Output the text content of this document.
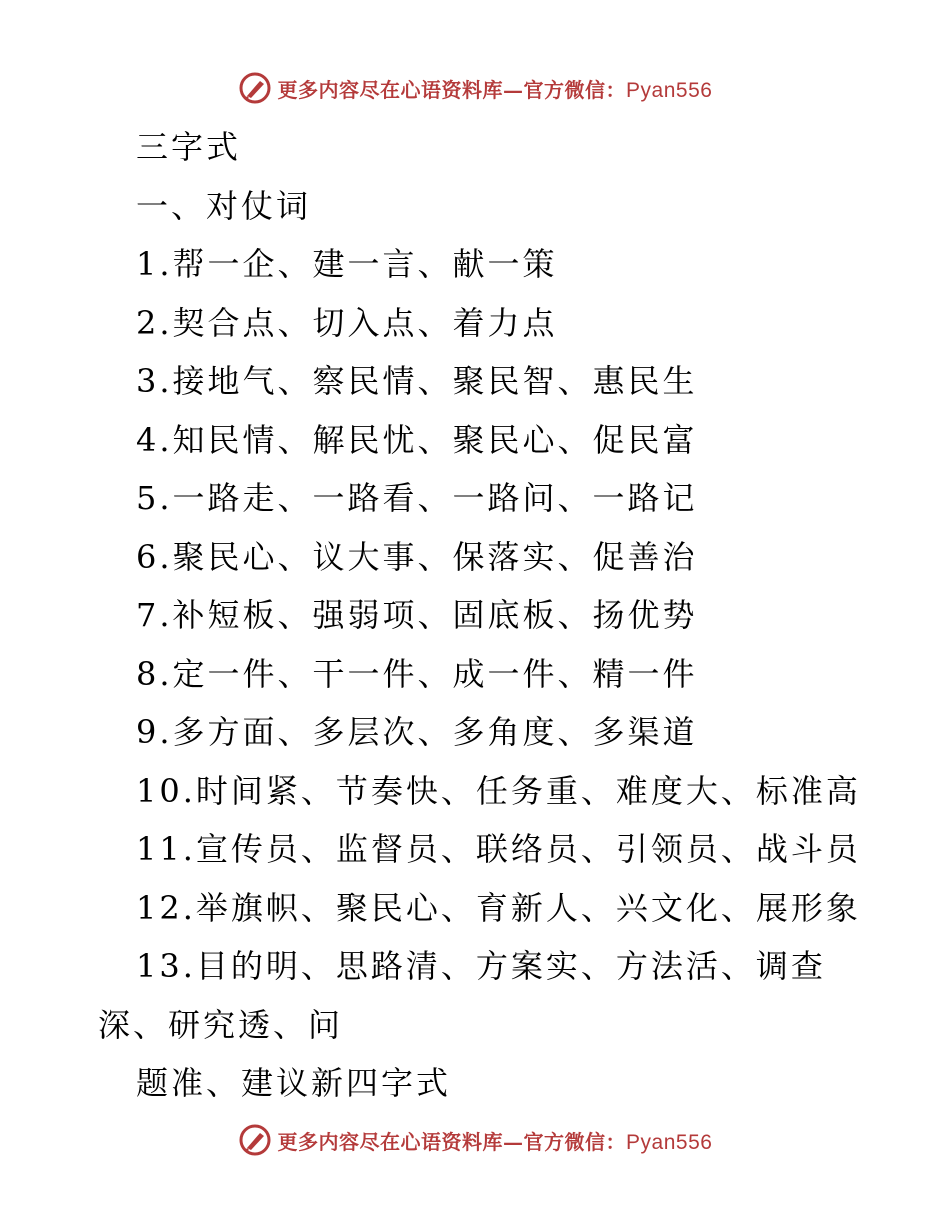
更多内容尽在心语资料库—官方微信：Pyan556
三字式
一、对仗词
1.帮一企、建一言、献一策
2.契合点、切入点、着力点
3.接地气、察民情、聚民智、惠民生
4.知民情、解民忧、聚民心、促民富
5.一路走、一路看、一路问、一路记
6.聚民心、议大事、保落实、促善治
7.补短板、强弱项、固底板、扬优势
8.定一件、干一件、成一件、精一件
9.多方面、多层次、多角度、多渠道
10.时间紧、节奏快、任务重、难度大、标准高
11.宣传员、监督员、联络员、引领员、战斗员
12.举旗帜、聚民心、育新人、兴文化、展形象
13.目的明、思路清、方案实、方法活、调查
深、研究透、问
题准、建议新四字式
更多内容尽在心语资料库—官方微信：Pyan556
